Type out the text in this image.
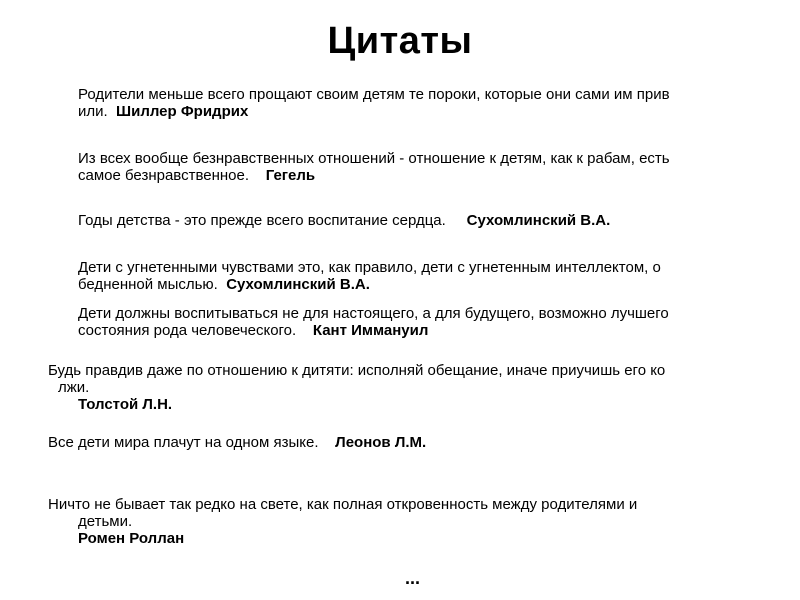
Цитаты
Родители меньше всего прощают своим детям те пороки, которые они сами им прив
или. Шиллер Фридрих
Из всех вообще безнравственных отношений - отношение к детям, как к рабам, есть
самое безнравственное. Гегель
Годы детства - это прежде всего воспитание сердца. Сухомлинский В.А.
Дети с угнетенными чувствами это, как правило, дети с угнетенным интеллектом, о
бедненной мыслью. Сухомлинский В.А.
Дети должны воспитываться не для настоящего, а для будущего, возможно лучшего
состояния рода человеческого. Кант Иммануил
Будь правдив даже по отношению к дитяти: исполняй обещание, иначе приучишь его ко
лжи.
Толстой Л.Н.
Все дети мира плачут на одном языке. Леонов Л.М.
Ничто не бывает так редко на свете, как полная откровенность между родителями и
детьми.
Ромен Роллан
...
